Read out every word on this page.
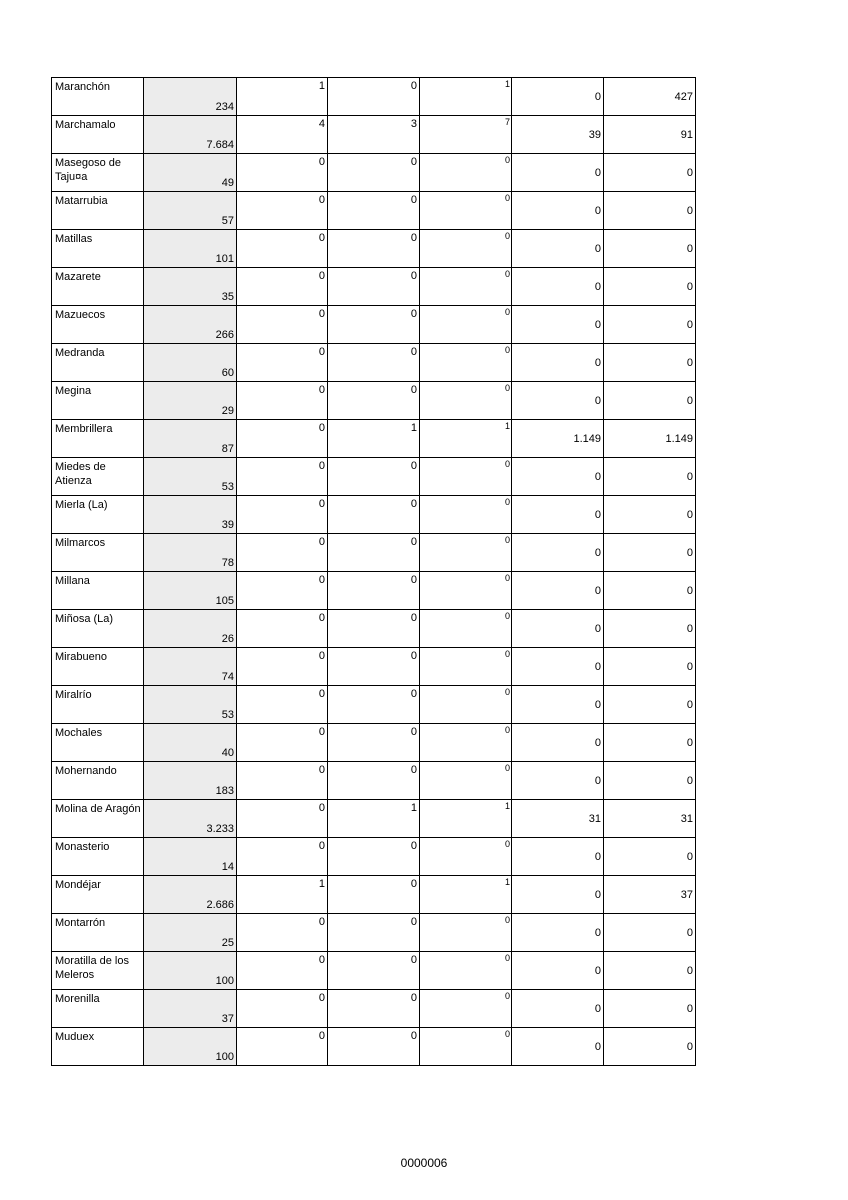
Maranchón	234	1	0	1	0	427

Marchamalo	7.684	4	3	7	39	91

Masegoso de Taju¤a	49	0	0	0	0	0

Matarrubia	57	0	0	0	0	0

Matillas	101	0	0	0	0	0

Mazarete	35	0	0	0	0	0

Mazuecos	266	0	0	0	0	0

Medranda	60	0	0	0	0	0

Megina	29	0	0	0	0	0

Membrillera	87	0	1	1	1.149	1.149

Miedes de Atienza	53	0	0	0	0	0

Mierla (La)	39	0	0	0	0	0

Milmarcos	78	0	0	0	0	0

Millana	105	0	0	0	0	0

Miñosa (La)	26	0	0	0	0	0

Mirabueno	74	0	0	0	0	0

Miralrío	53	0	0	0	0	0

Mochales	40	0	0	0	0	0

Mohernando	183	0	0	0	0	0

Molina de Aragón	3.233	0	1	1	31	31

Monasterio	14	0	0	0	0	0

Mondéjar	2.686	1	0	1	0	37

Montarrón	25	0	0	0	0	0

Moratilla de los Meleros	100	0	0	0	0	0

Morenilla	37	0	0	0	0	0

Muduex	100	0	0	0	0	0
0000006
